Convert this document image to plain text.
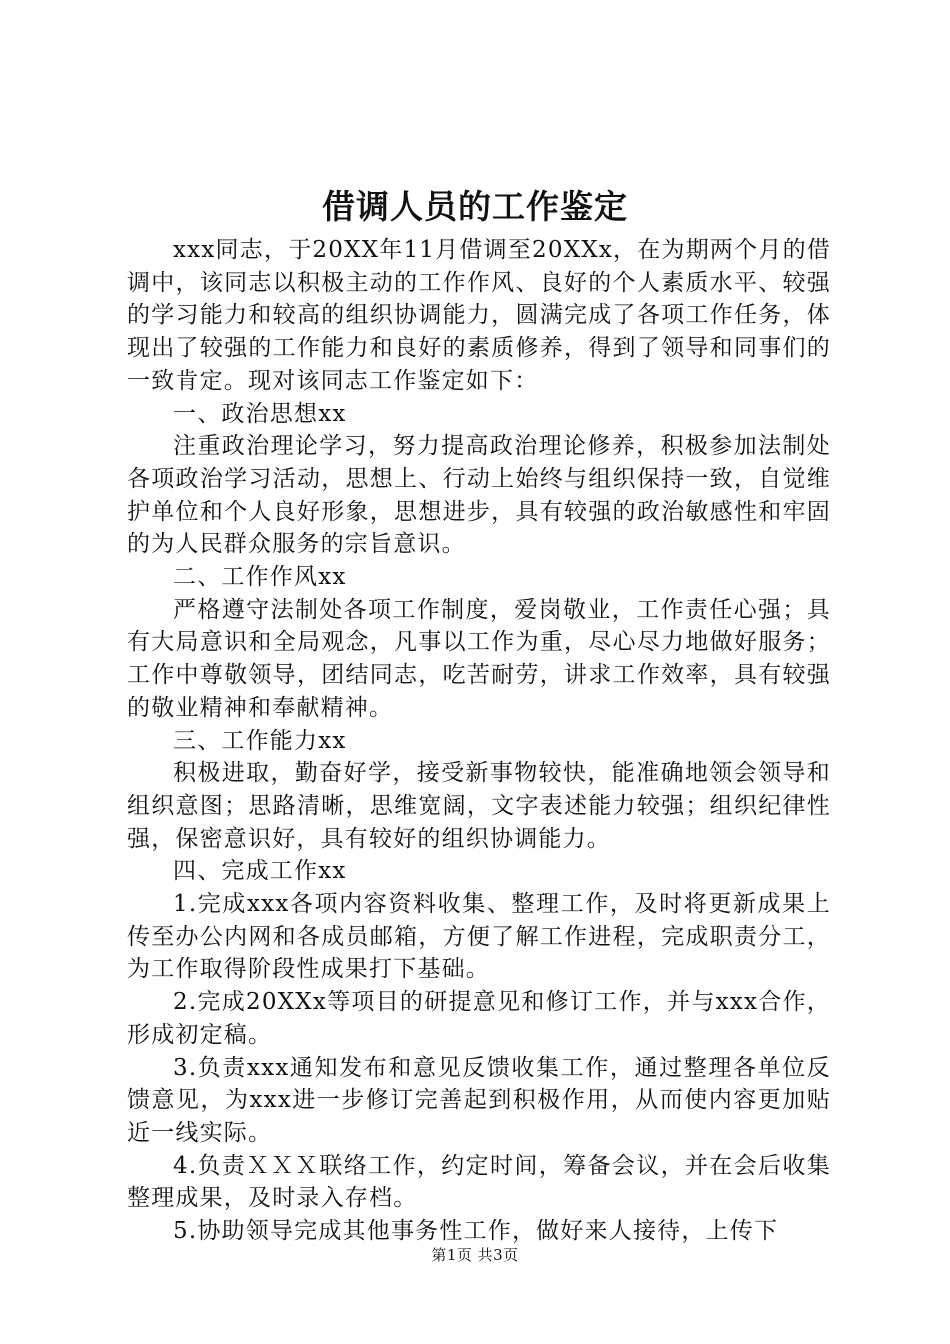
借调人员的工作鉴定

xxx同志，于20XX年11月借调至20XXx，在为期两个月的借调中，该同志以积极主动的工作作风、良好的个人素质水平、较强的学习能力和较高的组织协调能力，圆满完成了各项工作任务，体现出了较强的工作能力和良好的素质修养，得到了领导和同事们的一致肯定。现对该同志工作鉴定如下：

一、政治思想xx

注重政治理论学习，努力提高政治理论修养，积极参加法制处各项政治学习活动，思想上、行动上始终与组织保持一致，自觉维护单位和个人良好形象，思想进步，具有较强的政治敏感性和牢固的为人民群众服务的宗旨意识。

二、工作作风xx

严格遵守法制处各项工作制度，爱岗敬业，工作责任心强；具有大局意识和全局观念，凡事以工作为重，尽心尽力地做好服务；工作中尊敬领导，团结同志，吃苦耐劳，讲求工作效率，具有较强的敬业精神和奉献精神。

三、工作能力xx

积极进取，勤奋好学，接受新事物较快，能准确地领会领导和组织意图；思路清晰，思维宽阔，文字表述能力较强；组织纪律性强，保密意识好，具有较好的组织协调能力。

四、完成工作xx

1.完成xxx各项内容资料收集、整理工作，及时将更新成果上传至办公内网和各成员邮箱，方便了解工作进程，完成职责分工，为工作取得阶段性成果打下基础。

2.完成20XXx等项目的研提意见和修订工作，并与xxx合作，形成初定稿。

3.负责xxx通知发布和意见反馈收集工作，通过整理各单位反馈意见，为xxx进一步修订完善起到积极作用，从而使内容更加贴近一线实际。

4.负责ＸＸＸ联络工作，约定时间，筹备会议，并在会后收集整理成果，及时录入存档。

5.协助领导完成其他事务性工作，做好来人接待，上传下

第1页 共3页
